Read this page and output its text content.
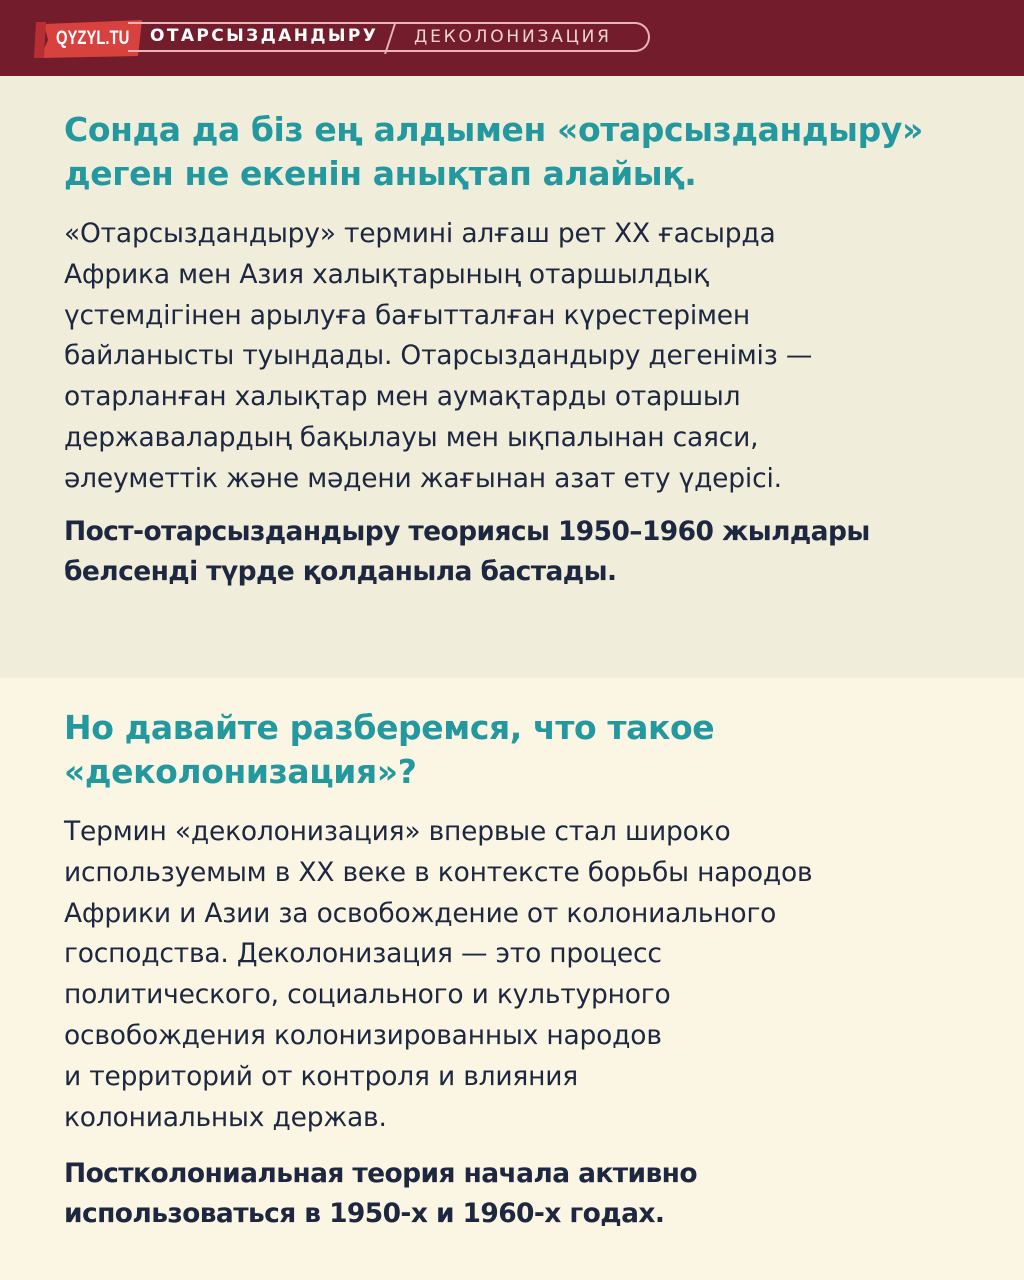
QYZYL.TU ОТАРСЫЗДАНДЫРУ ДЕКОЛОНИЗАЦИЯ
Сонда да біз ең алдымен «отарсыздандыру»
деген не екенін анықтап алайық.
«Отарсыздандыру» термині алғаш рет XX ғасырда
Африка мен Азия халықтарының отаршылдық
үстемдігінен арылуға бағытталған күрестерімен
байланысты туындады. Отарсыздандыру дегеніміз —
отарланған халықтар мен аумақтарды отаршыл
державалардың бақылауы мен ықпалынан саяси,
әлеуметтік және мәдени жағынан азат ету үдерісі.
Пост-отарсыздандыру теориясы 1950–1960 жылдары
белсенді түрде қолданыла бастады.
Но давайте разберемся, что такое
«деколонизация»?
Термин «деколонизация» впервые стал широко
используемым в XX веке в контексте борьбы народов
Африки и Азии за освобождение от колониального
господства. Деколонизация — это процесс
политического, социального и культурного
освобождения колонизированных народов
и территорий от контроля и влияния
колониальных держав.
Постколониальная теория начала активно
использоваться в 1950-х и 1960-х годах.
